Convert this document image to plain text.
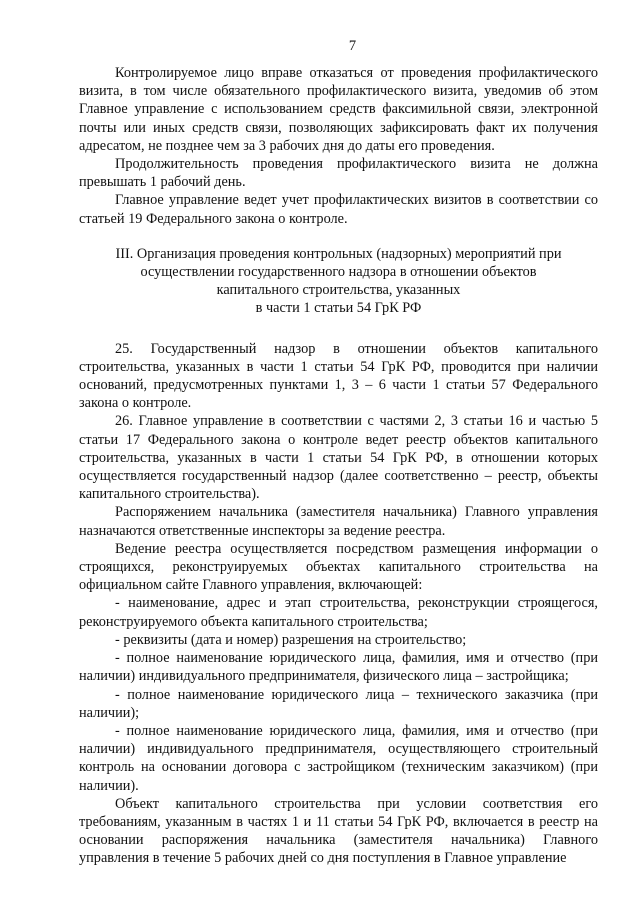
7

Контролируемое лицо вправе отказаться от проведения профилактического визита, в том числе обязательного профилактического визита, уведомив об этом Главное управление с использованием средств факсимильной связи, электронной почты или иных средств связи, позволяющих зафиксировать факт их получения адресатом, не позднее чем за 3 рабочих дня до даты его проведения.

Продолжительность проведения профилактического визита не должна превышать 1 рабочий день.

Главное управление ведет учет профилактических визитов в соответствии со статьей 19 Федерального закона о контроле.

III. Организация проведения контрольных (надзорных) мероприятий при
осуществлении государственного надзора в отношении объектов
капитального строительства, указанных
в части 1 статьи 54 ГрК РФ

25. Государственный надзор в отношении объектов капитального строительства, указанных в части 1 статьи 54 ГрК РФ, проводится при наличии оснований, предусмотренных пунктами 1, 3 – 6 части 1 статьи 57 Федерального закона о контроле.

26. Главное управление в соответствии с частями 2, 3 статьи 16 и частью 5 статьи 17 Федерального закона о контроле ведет реестр объектов капитального строительства, указанных в части 1 статьи 54 ГрК РФ, в отношении которых осуществляется государственный надзор (далее соответственно – реестр, объекты капитального строительства).

Распоряжением начальника (заместителя начальника) Главного управления назначаются ответственные инспекторы за ведение реестра.

Ведение реестра осуществляется посредством размещения информации о строящихся, реконструируемых объектах капитального строительства на официальном сайте Главного управления, включающей:

- наименование, адрес и этап строительства, реконструкции строящегося, реконструируемого объекта капитального строительства;

- реквизиты (дата и номер) разрешения на строительство;

- полное наименование юридического лица, фамилия, имя и отчество (при наличии) индивидуального предпринимателя, физического лица – застройщика;

- полное наименование юридического лица – технического заказчика (при наличии);

- полное наименование юридического лица, фамилия, имя и отчество (при наличии) индивидуального предпринимателя, осуществляющего строительный контроль на основании договора с застройщиком (техническим заказчиком) (при наличии).

Объект капитального строительства при условии соответствия его требованиям, указанным в частях 1 и 11 статьи 54 ГрК РФ, включается в реестр на основании распоряжения начальника (заместителя начальника) Главного управления в течение 5 рабочих дней со дня поступления в Главное управление
